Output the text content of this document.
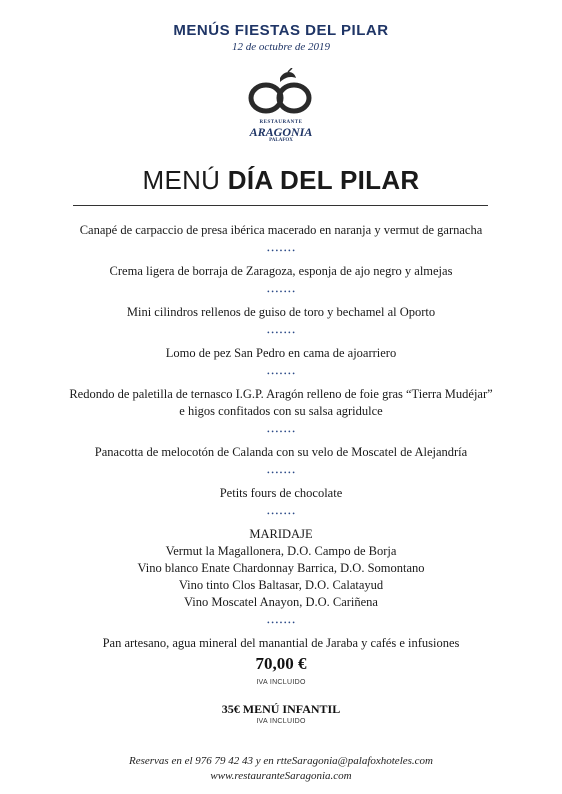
MENÚS FIESTAS DEL PILAR
12 de octubre de 2019
RESTAURANTE
ARAGONIA
PALAFOX
MENÚ DÍA DEL PILAR

Canapé de carpaccio de presa ibérica macerado en naranja y vermut de garnacha

• • • • • • •

Crema ligera de borraja de Zaragoza, esponja de ajo negro y almejas

• • • • • • •

Mini cilindros rellenos de guiso de toro y bechamel al Oporto

• • • • • • •

Lomo de pez San Pedro en cama de ajoarriero

• • • • • • •

Redondo de paletilla de ternasco I.G.P. Aragón relleno de foie gras “Tierra Mudéjar”

e higos confitados con su salsa agridulce

• • • • • • •

Panacotta de melocotón de Calanda con su velo de Moscatel de Alejandría

• • • • • • •

Petits fours de chocolate

• • • • • • •

MARIDAJE

Vermut la Magallonera, D.O. Campo de Borja

Vino blanco Enate Chardonnay Barrica, D.O. Somontano

Vino tinto Clos Baltasar, D.O. Calatayud

Vino Moscatel Anayon, D.O. Cariñena

• • • • • • •

Pan artesano, agua mineral del manantial de Jaraba y cafés e infusiones

70,00 €
IVA INCLUIDO
35€ MENÚ INFANTIL
IVA INCLUIDO
Reservas en el 976 79 42 43 y en rtteSaragonia@palafoxhoteles.com
www.restauranteSaragonia.com
